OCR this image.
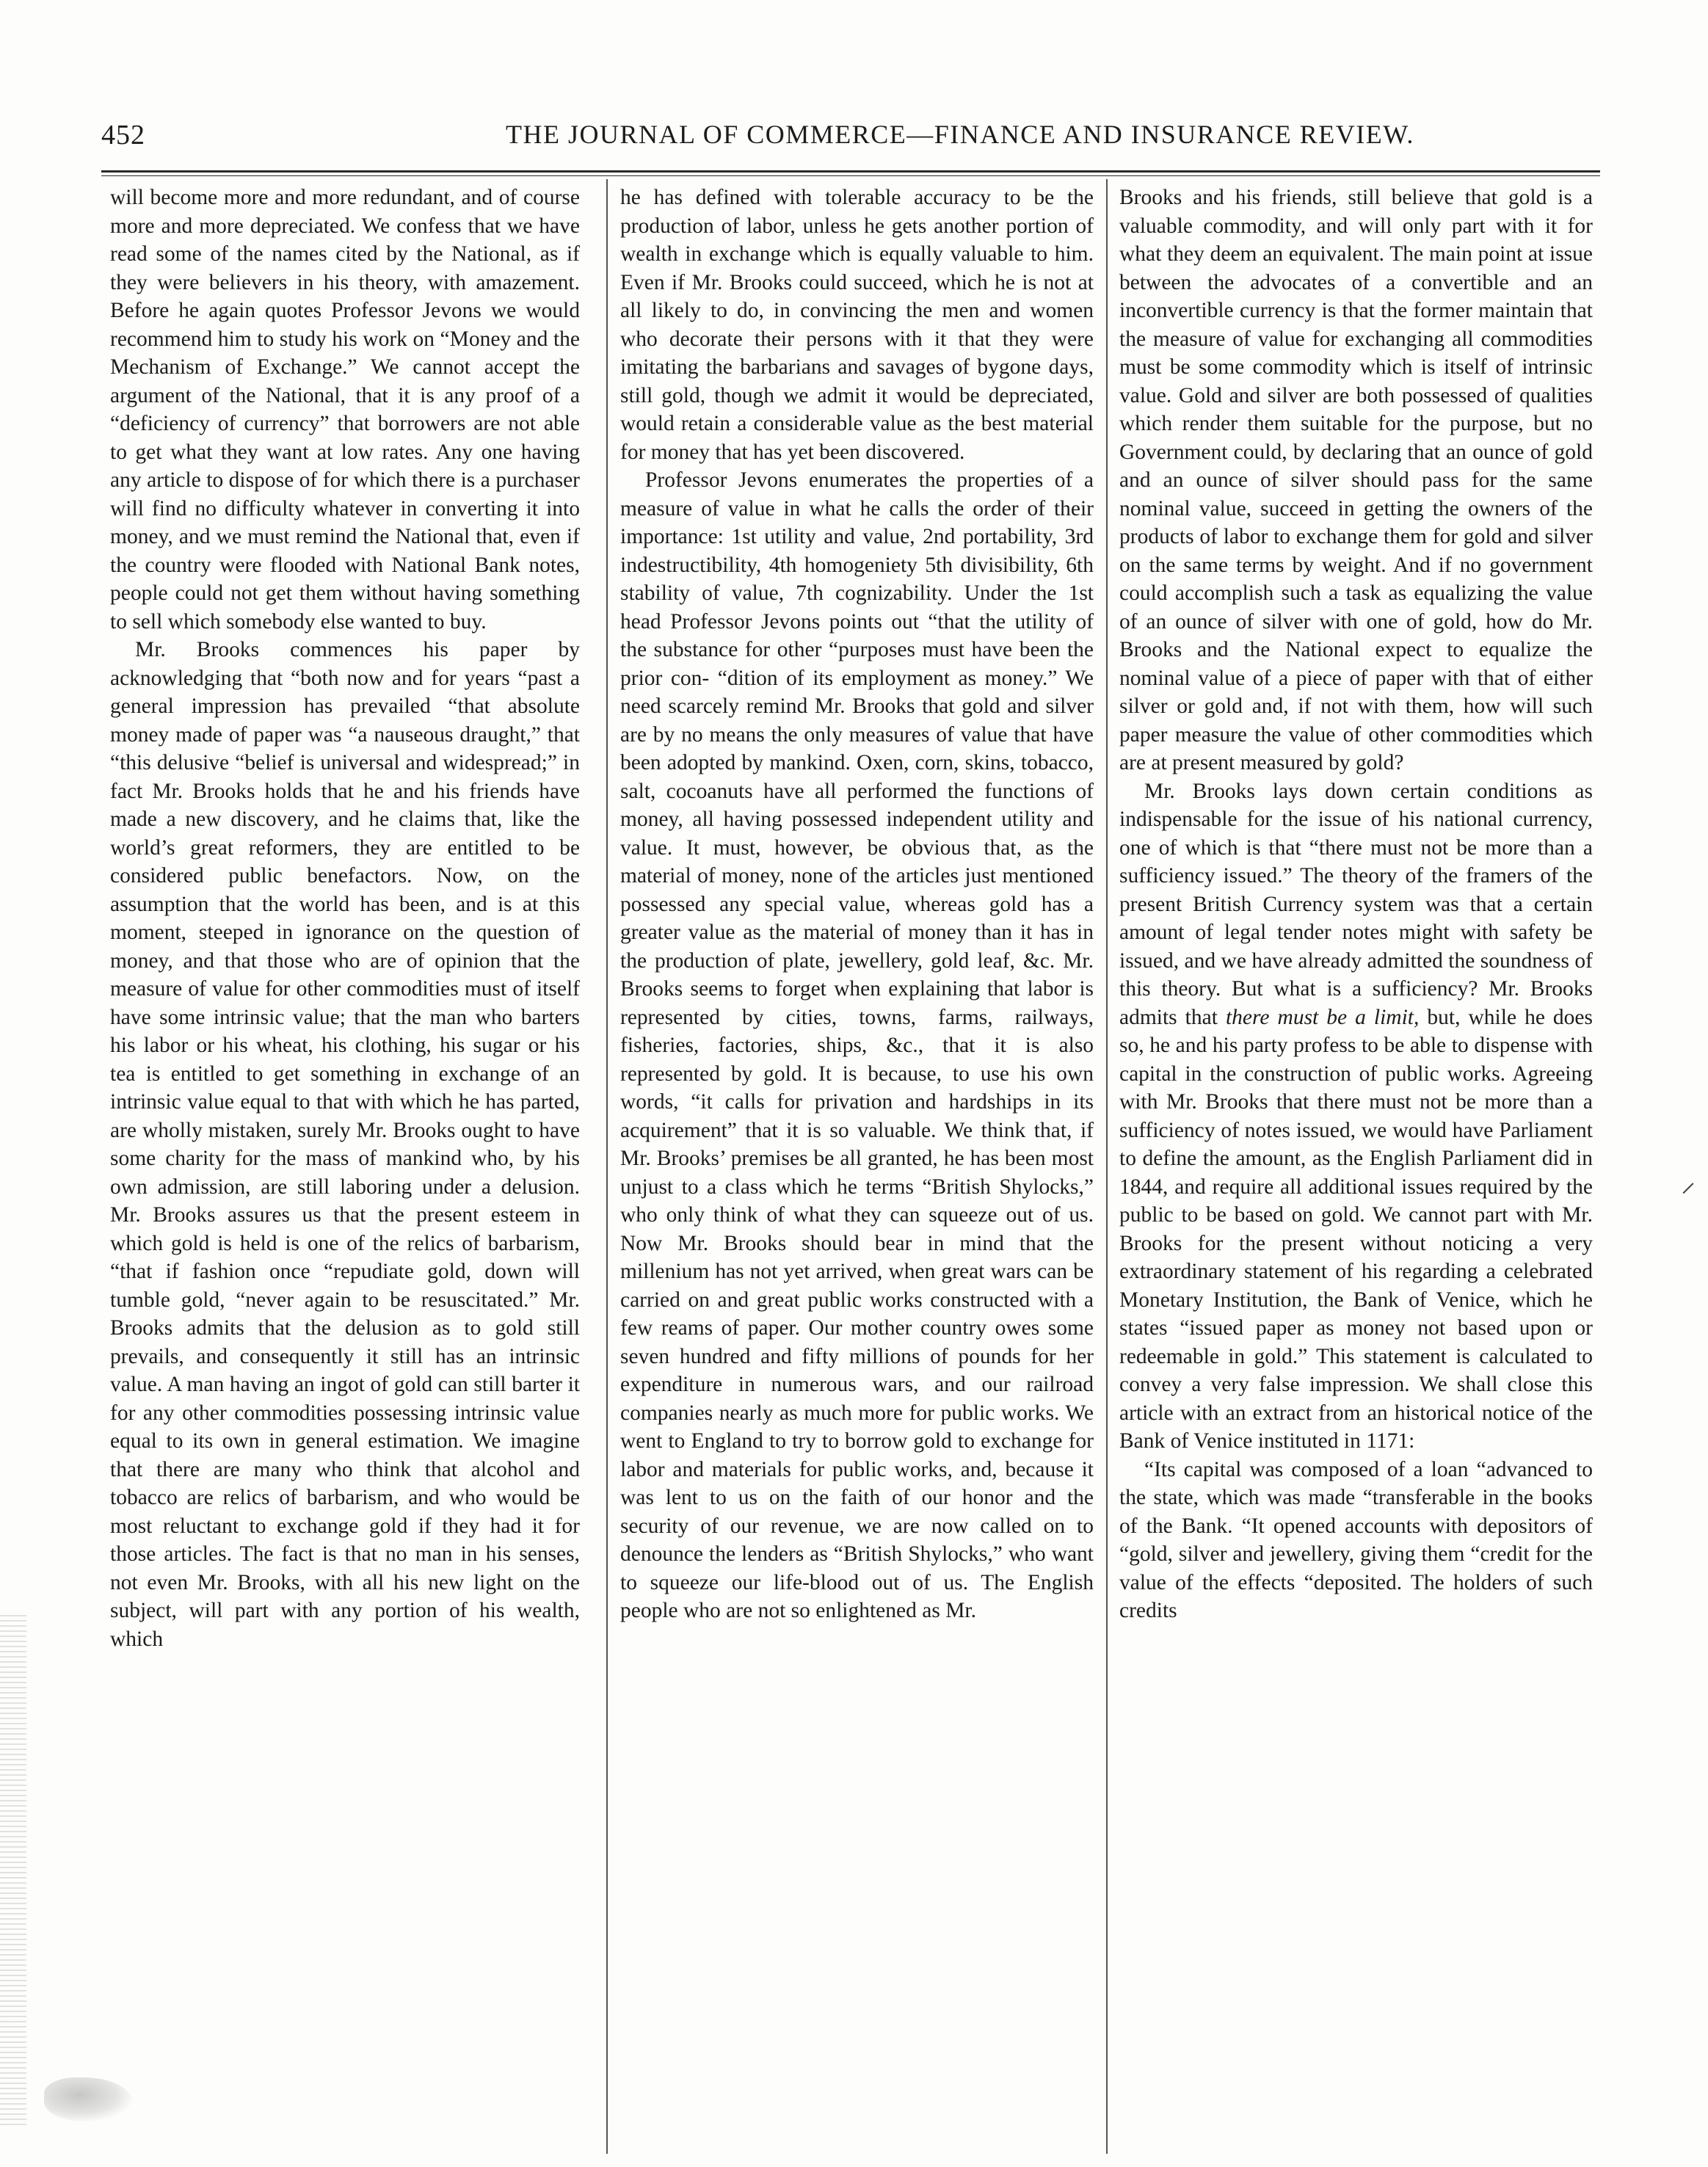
452	THE JOURNAL OF COMMERCE—FINANCE AND INSURANCE REVIEW.

will become more and more redundant, and of course more and more depreciated. We confess that we have read some of the names cited by the National, as if they were believers in his theory, with amazement. Before he again quotes Professor Jevons we would recommend him to study his work on “Money and the Mechanism of Exchange.” We cannot accept the argument of the National, that it is any proof of a “deficiency of currency” that borrowers are not able to get what they want at low rates. Any one having any article to dispose of for which there is a purchaser will find no difficulty whatever in converting it into money, and we must remind the National that, even if the country were flooded with National Bank notes, people could not get them without having something to sell which somebody else wanted to buy.

Mr. Brooks commences his paper by acknowledging that “both now and for years “past a general impression has prevailed “that absolute money made of paper was “a nauseous draught,” that “this delusive “belief is universal and widespread;” in fact Mr. Brooks holds that he and his friends have made a new discovery, and he claims that, like the world’s great reformers, they are entitled to be considered public benefactors. Now, on the assumption that the world has been, and is at this moment, steeped in ignorance on the question of money, and that those who are of opinion that the measure of value for other commodities must of itself have some intrinsic value; that the man who barters his labor or his wheat, his clothing, his sugar or his tea is entitled to get something in exchange of an intrinsic value equal to that with which he has parted, are wholly mistaken, surely Mr. Brooks ought to have some charity for the mass of mankind who, by his own admission, are still laboring under a delusion. Mr. Brooks assures us that the present esteem in which gold is held is one of the relics of barbarism, “that if fashion once “repudiate gold, down will tumble gold, “never again to be resuscitated.” Mr. Brooks admits that the delusion as to gold still prevails, and consequently it still has an intrinsic value. A man having an ingot of gold can still barter it for any other commodities possessing intrinsic value equal to its own in general estimation. We imagine that there are many who think that alcohol and tobacco are relics of barbarism, and who would be most reluctant to exchange gold if they had it for those articles. The fact is that no man in his senses, not even Mr. Brooks, with all his new light on the subject, will part with any portion of his wealth, which

he has defined with tolerable accuracy to be the production of labor, unless he gets another portion of wealth in exchange which is equally valuable to him. Even if Mr. Brooks could succeed, which he is not at all likely to do, in convincing the men and women who decorate their persons with it that they were imitating the barbarians and savages of bygone days, still gold, though we admit it would be depreciated, would retain a considerable value as the best material for money that has yet been discovered.

Professor Jevons enumerates the properties of a measure of value in what he calls the order of their importance: 1st utility and value, 2nd portability, 3rd indestructibility, 4th homogeniety 5th divisibility, 6th stability of value, 7th cognizability. Under the 1st head Professor Jevons points out “that the utility of the substance for other “purposes must have been the prior con- “dition of its employment as money.” We need scarcely remind Mr. Brooks that gold and silver are by no means the only measures of value that have been adopted by mankind. Oxen, corn, skins, tobacco, salt, cocoanuts have all performed the functions of money, all having possessed independent utility and value. It must, however, be obvious that, as the material of money, none of the articles just mentioned possessed any special value, whereas gold has a greater value as the material of money than it has in the production of plate, jewellery, gold leaf, &c. Mr. Brooks seems to forget when explaining that labor is represented by cities, towns, farms, railways, fisheries, factories, ships, &c., that it is also represented by gold. It is because, to use his own words, “it calls for privation and hardships in its acquirement” that it is so valuable. We think that, if Mr. Brooks’ premises be all granted, he has been most unjust to a class which he terms “British Shylocks,” who only think of what they can squeeze out of us. Now Mr. Brooks should bear in mind that the millenium has not yet arrived, when great wars can be carried on and great public works constructed with a few reams of paper. Our mother country owes some seven hundred and fifty millions of pounds for her expenditure in numerous wars, and our railroad companies nearly as much more for public works. We went to England to try to borrow gold to exchange for labor and materials for public works, and, because it was lent to us on the faith of our honor and the security of our revenue, we are now called on to denounce the lenders as “British Shylocks,” who want to squeeze our life-blood out of us. The English people who are not so enlightened as Mr.

Brooks and his friends, still believe that gold is a valuable commodity, and will only part with it for what they deem an equivalent. The main point at issue between the advocates of a convertible and an inconvertible currency is that the former maintain that the measure of value for exchanging all commodities must be some commodity which is itself of intrinsic value. Gold and silver are both possessed of qualities which render them suitable for the purpose, but no Government could, by declaring that an ounce of gold and an ounce of silver should pass for the same nominal value, succeed in getting the owners of the products of labor to exchange them for gold and silver on the same terms by weight. And if no government could accomplish such a task as equalizing the value of an ounce of silver with one of gold, how do Mr. Brooks and the National expect to equalize the nominal value of a piece of paper with that of either silver or gold and, if not with them, how will such paper measure the value of other commodities which are at present measured by gold?

Mr. Brooks lays down certain conditions as indispensable for the issue of his national currency, one of which is that “there must not be more than a sufficiency issued.” The theory of the framers of the present British Currency system was that a certain amount of legal tender notes might with safety be issued, and we have already admitted the soundness of this theory. But what is a sufficiency? Mr. Brooks admits that there must be a limit, but, while he does so, he and his party profess to be able to dispense with capital in the construction of public works. Agreeing with Mr. Brooks that there must not be more than a sufficiency of notes issued, we would have Parliament to define the amount, as the English Parliament did in 1844, and require all additional issues required by the public to be based on gold. We cannot part with Mr. Brooks for the present without noticing a very extraordinary statement of his regarding a celebrated Monetary Institution, the Bank of Venice, which he states “issued paper as money not based upon or redeemable in gold.” This statement is calculated to convey a very false impression. We shall close this article with an extract from an historical notice of the Bank of Venice instituted in 1171:

“Its capital was composed of a loan “advanced to the state, which was made “transferable in the books of the Bank. “It opened accounts with depositors of “gold, silver and jewellery, giving them “credit for the value of the effects “deposited. The holders of such credits

⸝
